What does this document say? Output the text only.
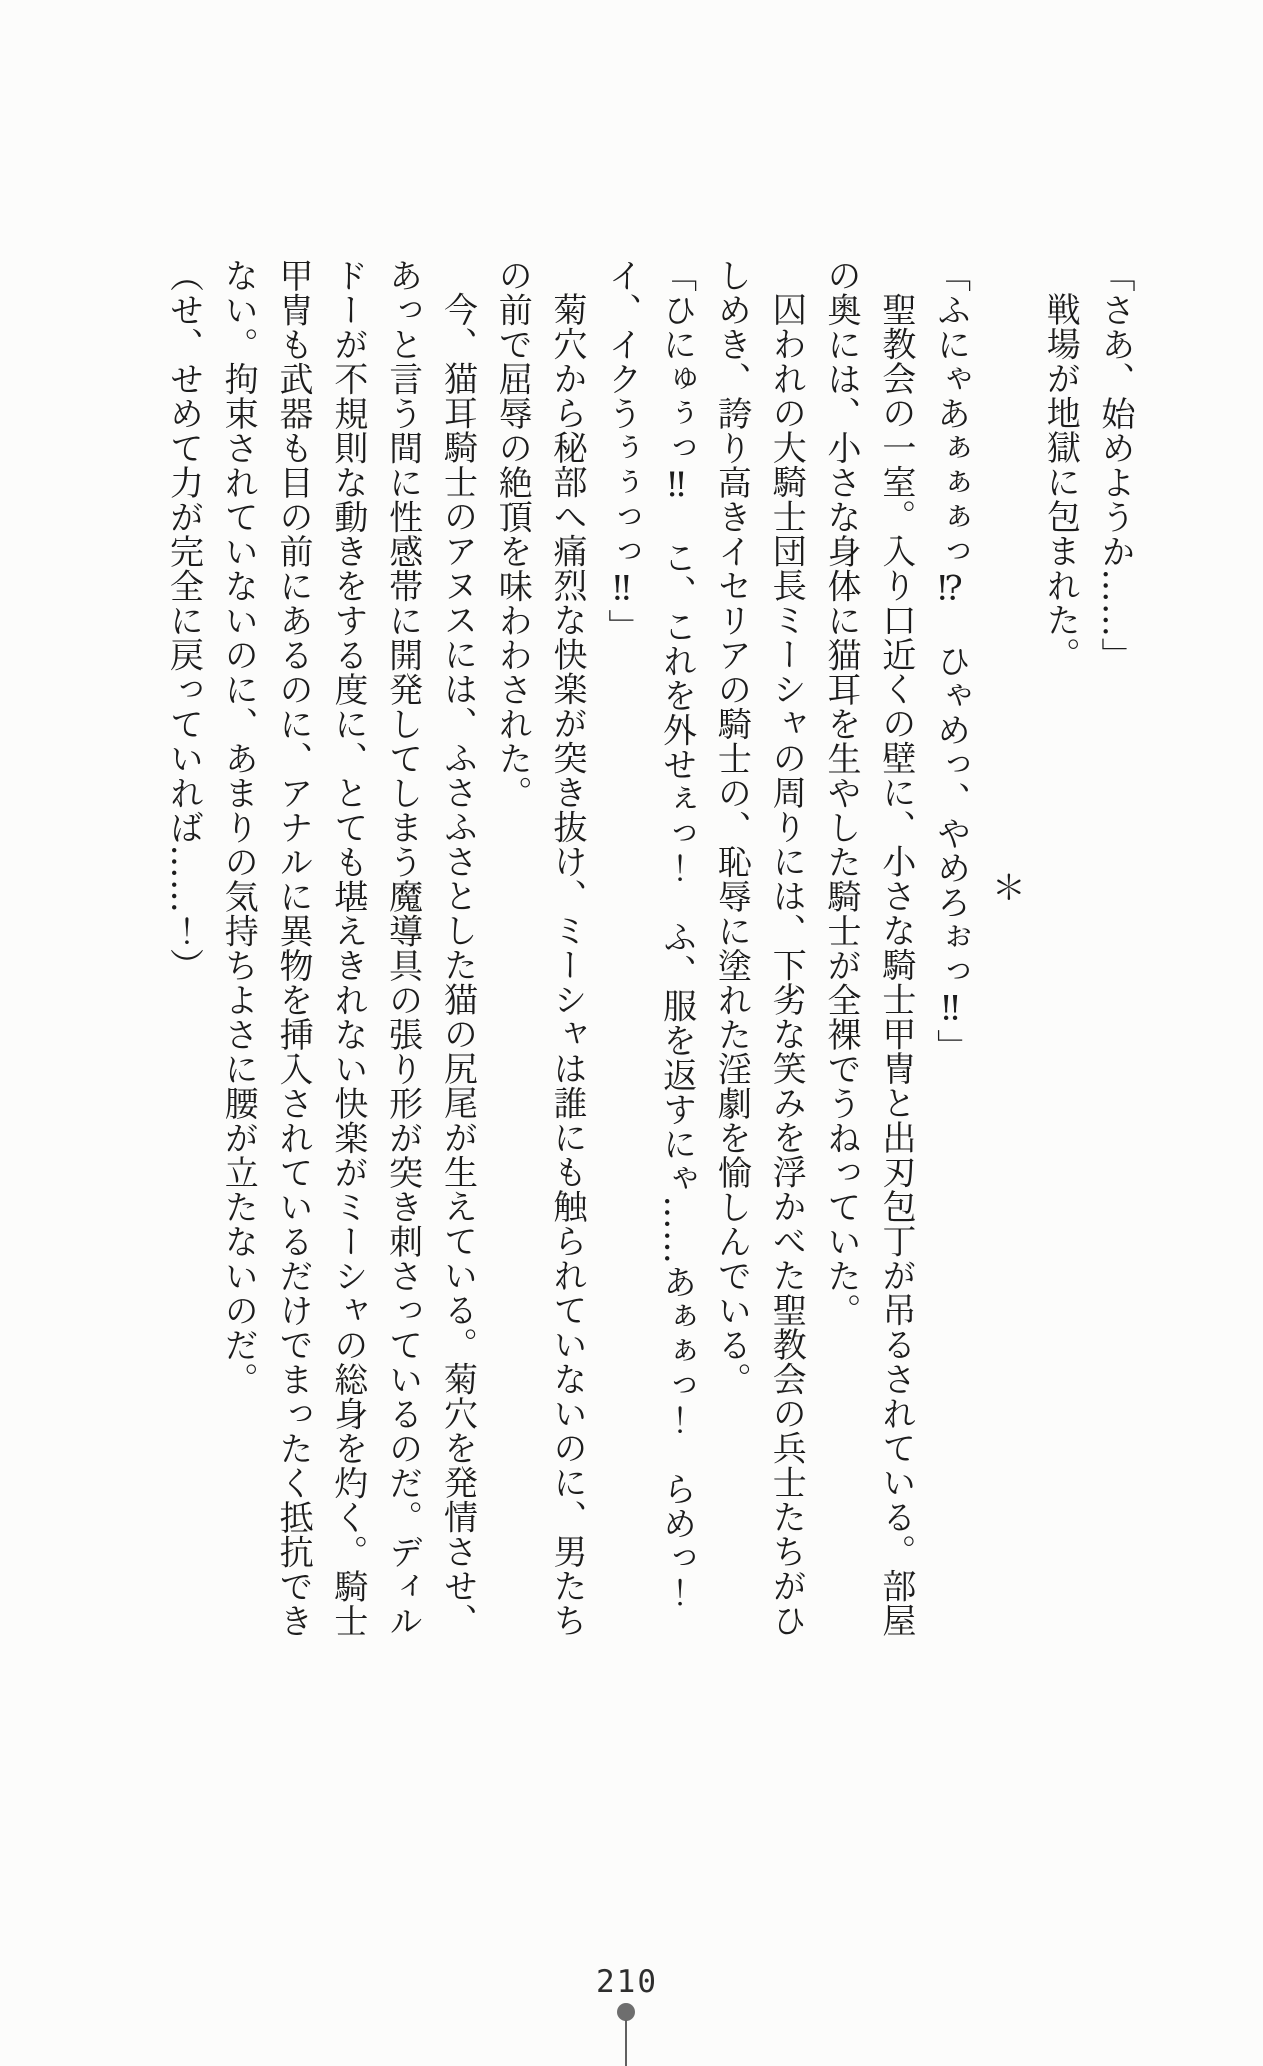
「さあ、始めようか……」
戦場が地獄に包まれた。
＊
「ふにゃあぁぁぁっ⁉　ひゃめっ、やめろぉっ‼」
聖教会の一室。入り口近くの壁に、小さな騎士甲冑と出刃包丁が吊るされている。部屋
の奥には、小さな身体に猫耳を生やした騎士が全裸でうねっていた。
囚われの大騎士団長ミーシャの周りには、下劣な笑みを浮かべた聖教会の兵士たちがひ
しめき、誇り高きイセリアの騎士の、恥辱に塗れた淫劇を愉しんでいる。
「ひにゅぅっ‼　こ、これを外せぇっ！　ふ、服を返すにゃ……あぁぁっ！　らめっ！
イ、イクうぅぅっっ‼」
菊穴から秘部へ痛烈な快楽が突き抜け、ミーシャは誰にも触られていないのに、男たち
の前で屈辱の絶頂を味わわされた。
今、猫耳騎士のアヌスには、ふさふさとした猫の尻尾が生えている。菊穴を発情させ、
あっと言う間に性感帯に開発してしまう魔導具の張り形が突き刺さっているのだ。ディル
ドーが不規則な動きをする度に、とても堪えきれない快楽がミーシャの総身を灼く。騎士
甲冑も武器も目の前にあるのに、アナルに異物を挿入されているだけでまったく抵抗でき
ない。拘束されていないのに、あまりの気持ちよさに腰が立たないのだ。
（せ、せめて力が完全に戻っていれば……！）
210
